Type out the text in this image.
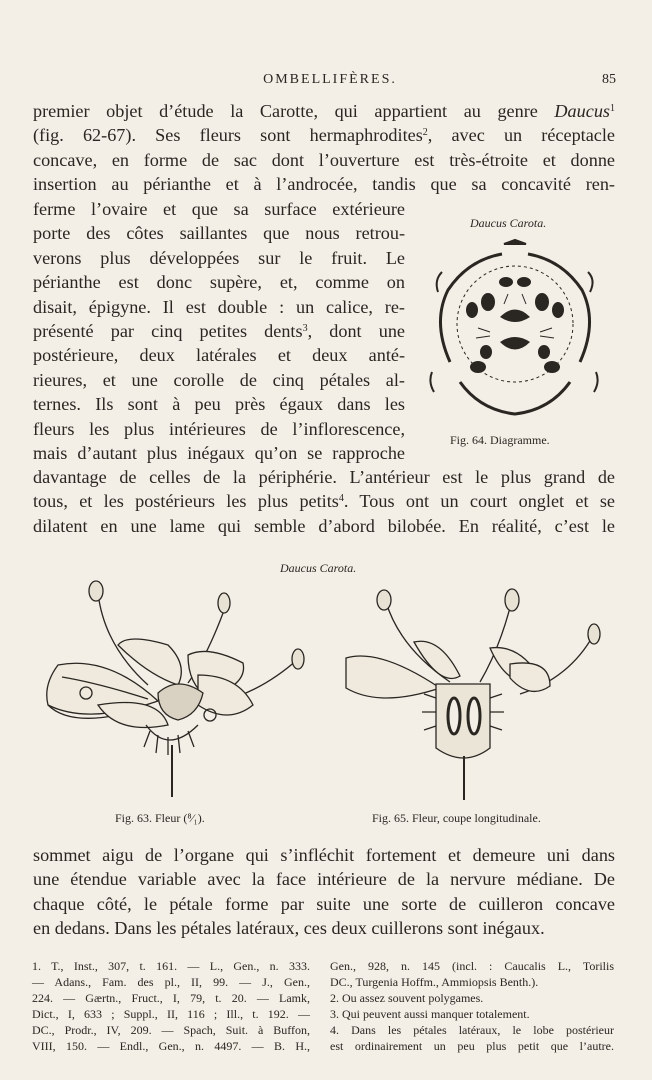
OMBELLIFÈRES.	85
premier objet d’étude la Carotte, qui appartient au genre Daucus$^1$
(fig. 62-67). Ses fleurs sont hermaphrodites$^2$, avec un réceptacle
concave, en forme de sac dont l’ouverture est très-étroite et donne
insertion au périanthe et à l’androcée, tandis que sa concavité ren-
ferme l’ovaire et que sa surface extérieure
porte des côtes saillantes que nous retrou-
verons plus développées sur le fruit. Le
périanthe est donc supère, et, comme on
disait, épigyne. Il est double : un calice, re-
présenté par cinq petites dents$^3$, dont une
postérieure, deux latérales et deux anté-
rieures, et une corolle de cinq pétales al-
ternes. Ils sont à peu près égaux dans les
fleurs les plus intérieures de l’inflorescence,
mais d’autant plus inégaux qu’on se rapproche
Daucus Carota.
Fig. 64. Diagramme.
davantage de celles de la périphérie. L’antérieur est le plus grand de
tous, et les postérieurs les plus petits$^4$. Tous ont un court onglet et se
dilatent en une lame qui semble d’abord bilobée. En réalité, c’est le
Daucus Carota.
Fig. 63. Fleur (⁸⁄₁).	Fig. 65. Fleur, coupe longitudinale.
sommet aigu de l’organe qui s’infléchit fortement et demeure uni dans
une étendue variable avec la face intérieure de la nervure médiane. De
chaque côté, le pétale forme par suite une sorte de cuilleron concave
en dedans. Dans les pétales latéraux, ces deux cuillerons sont inégaux.
1. T., Inst., 307, t. 161. — L., Gen., n. 333.
— Adans., Fam. des pl., II, 99. — J., Gen.,
224. — Gærtn., Fruct., I, 79, t. 20. — Lamk,
Dict., I, 633 ; Suppl., II, 116 ; Ill., t. 192. —
DC., Prodr., IV, 209. — Spach, Suit. à Buffon,
VIII, 150. — Endl., Gen., n. 4497. — B. H.,
Gen., 928, n. 145 (incl. : Caucalis L., Torilis
DC., Turgenia Hoffm., Ammiopsis Benth.).
2. Ou assez souvent polygames.
3. Qui peuvent aussi manquer totalement.
4. Dans les pétales latéraux, le lobe postérieur
est ordinairement un peu plus petit que l’autre.
